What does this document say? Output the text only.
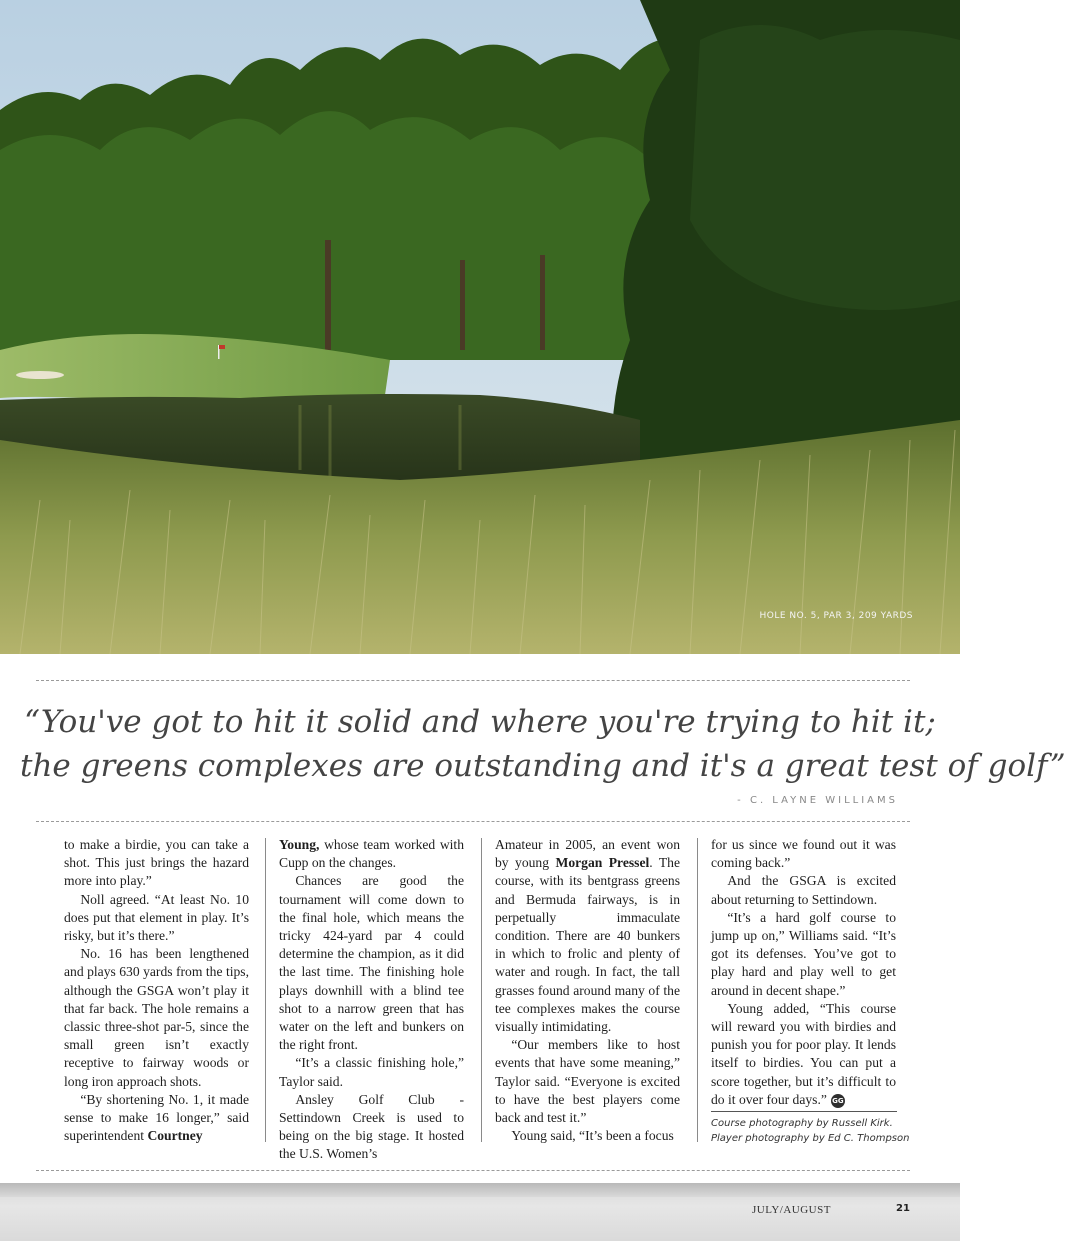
HOLE NO. 5, PAR 3, 209 YARDS

“You've got to hit it solid and where you're trying to hit it;

the greens complexes are outstanding and it's a great test of golf”

- C. LAYNE WILLIAMS

to make a birdie, you can take a shot. This just brings the hazard more into play.”

Noll agreed. “At least No. 10 does put that element in play. It’s risky, but it’s there.”

No. 16 has been lengthened and plays 630 yards from the tips, although the GSGA won’t play it that far back. The hole remains a classic three-shot par-5, since the small green isn’t exactly receptive to fairway woods or long iron approach shots.

“By shortening No. 1, it made sense to make 16 longer,” said superintendent Courtney

Young, whose team worked with Cupp on the changes.

Chances are good the tournament will come down to the final hole, which means the tricky 424-yard par 4 could determine the champion, as it did the last time. The finishing hole plays downhill with a blind tee shot to a narrow green that has water on the left and bunkers on the right front.

“It’s a classic finishing hole,” Taylor said.

Ansley Golf Club - Settindown Creek is used to being on the big stage. It hosted the U.S. Women’s

Amateur in 2005, an event won by young Morgan Pressel. The course, with its bentgrass greens and Bermuda fairways, is in perpetually immaculate condition. There are 40 bunkers in which to frolic and plenty of water and rough. In fact, the tall grasses found around many of the tee complexes makes the course visually intimidating.

“Our members like to host events that have some meaning,” Taylor said. “Everyone is excited to have the best players come back and test it.”

Young said, “It’s been a focus

for us since we found out it was coming back.”

And the GSGA is excited about returning to Settindown.

“It’s a hard golf course to jump up on,” Williams said. “It’s got its defenses. You’ve got to play hard and play well to get around in decent shape.”

Young added, “This course will reward you with birdies and punish you for poor play. It lends itself to birdies. You can put a score together, but it’s difficult to do it over four days.” GG

Course photography by Russell Kirk.
Player photography by Ed C. Thompson
JULY/AUGUST	21
